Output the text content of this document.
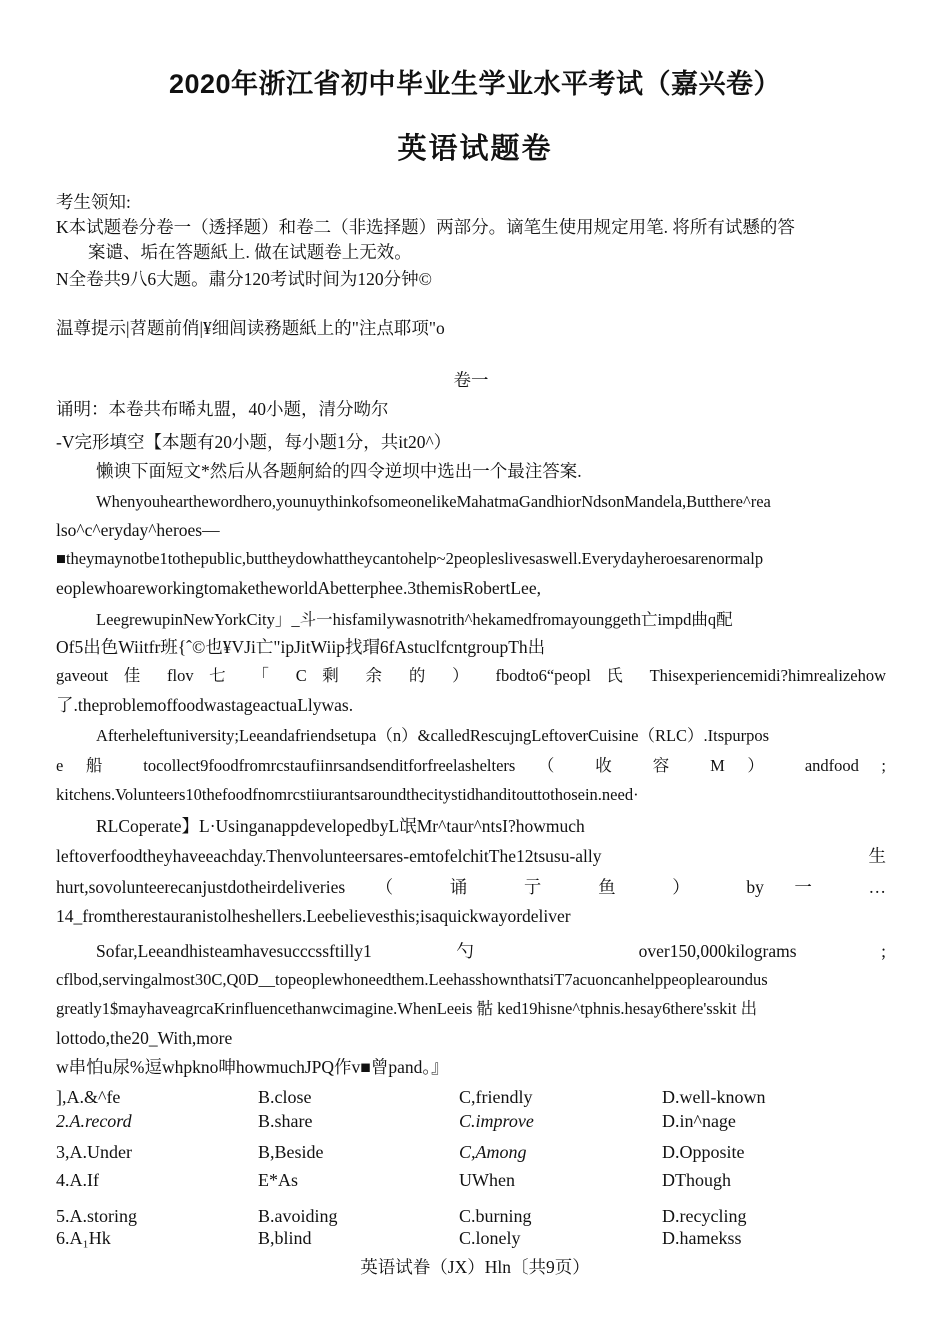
2020年浙江省初中毕业生学业水平考试（嘉兴卷）
英语试题卷
考生领知:
K本试题卷分卷一（透择题）和卷二（非选择题）两部分。谪笔生使用规定用笔. 将所有试懸的答
案谴、垢在答题紙上. 做在试题卷上无效。
N全卷共9八6大题。肅分120考试时间为120分钟©
温尊提示|苕题前俏|¥细闾读務题紙上的"注点耶项"o
卷一
诵明：本卷共布晞丸盟，40小题，清分呦尔
-V完形填空【本题有20小题，每小题1分，共it20^）
懒谀下面短文*然后从各题舸給的四令逆坝中选出一个最注答案.
Whenyouhearthewordhero,younuythinkofsomeonelikeMahatmaGandhiorNdsonMandela,Butthere^rea
lso^c^eryday^heroes—
■theymaynotbe1tothepublic,buttheydowhattheycantohelp~2peopleslivesaswell.Everydayheroesarenormalp
eoplewhoareworkingtomaketheworldAbetterphee.3themisRobertLee,
LeegrewupinNewYorkCity」_斗一hisfamilywasnotrith^hekamedfromayounggeth亡impd曲q配
Of5出色Wiitfr班{ˆ©也¥VJi亡"ipJitWiip找瑁6fAstuclfcntgroupTh出
gaveout 佳 flov 七 「 C 剩 余 的 ） fbodto6“peopl 氏 Thisexperiencemidi?himrealizehow
了.theproblemoffoodwastageactuaLlywas.
Afterheleftuniversity;Leeandafriendsetupa（n）&calledRescujngLeftoverCuisine（RLC）.Itspurpos
e 船 tocollect9foodfromrcstaufiinrsandsenditforfreelashelters （ 收 容 M ） andfood ;
kitchens.Volunteers10thefoodfnomrcstiiurantsaroundthecitystidhanditouttothosein.need·
RLCoperate】L·UsinganappdevelopedbyL氓Mr^taur^ntsI?howmuch
leftoverfoodtheyhaveeachday.Thenvolunteersares-emtofelchitThe12tsusu-ally 生
hurt,sovolunteerecanjustdotheirdeliveries （ 诵 亍 鱼 ） by 一 …
14_fromtherestauranistolheshellers.Leebelievesthis;isaquickwayordeliver
Sofar,Leeandhisteamhavesucccssftilly1 勺 over150,000kilograms ;
cflbod,servingalmost30C,Q0D__topeoplewhoneedthem.LeehasshownthatsiT7acuoncanhelppeoplearoundus
greatly1$mayhaveagrcaKrinfluencethanwcimagine.WhenLeeis 骷 ked19hisne^tphnis.hesay6there'sskit 出
lottodo,the20_With,more
w串怕u尿%逗whpkno呻howmuchJPQ作v■曾pand。』
],A.&^fe	B.close	C,friendly	D.well-known
2.A.record	B.share	C.improve	D.in^nage
3,A.Under	B,Beside	C,Among	D.Opposite
4.A.If	E*As	UWhen	DThough
5.A.storing	B.avoiding	C.burning	D.recycling
6.A₁Hk	B,blind	C.lonely	D.hamekss
英语试眷（JX）Hln〔共9页）
